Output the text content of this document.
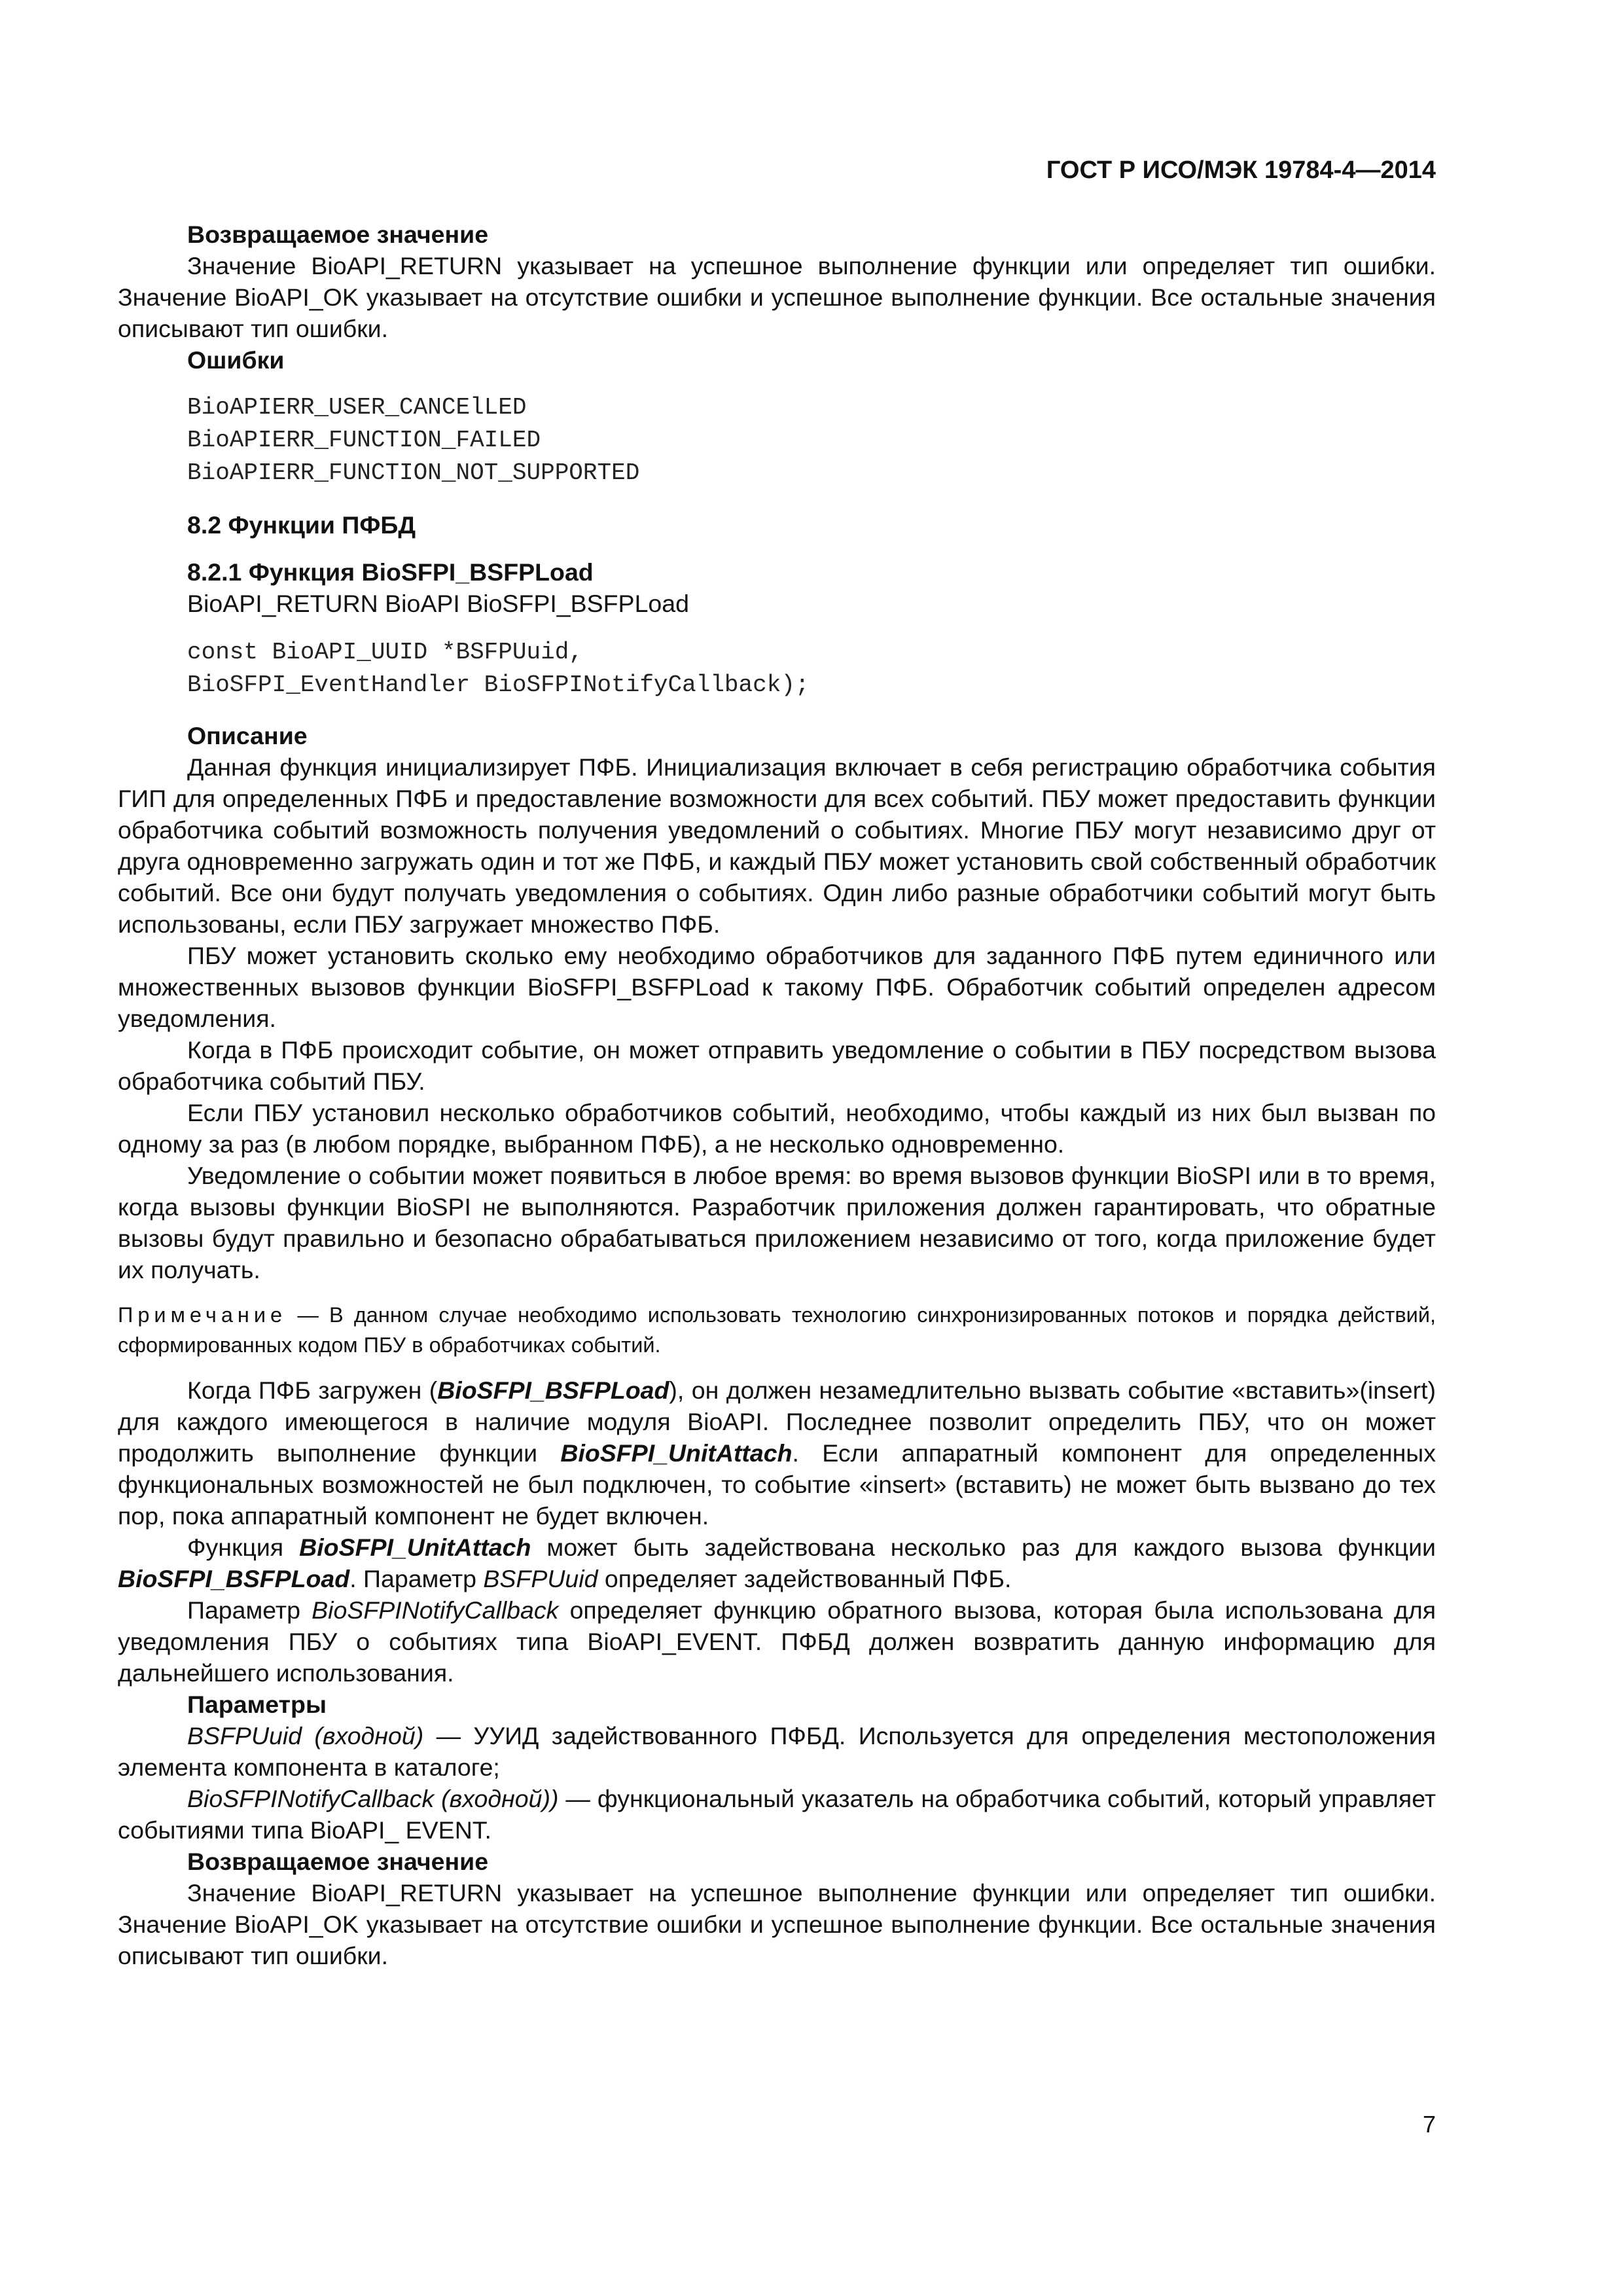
ГОСТ Р ИСО/МЭК 19784-4—2014

Возвращаемое значение

Значение BioAPI_RETURN указывает на успешное выполнение функции или определяет тип ошибки. Значение BioAPI_OK указывает на отсутствие ошибки и успешное выполнение функции. Все остальные значения описывают тип ошибки.

Ошибки

BioAPIERR_USER_CANCElLED
BioAPIERR_FUNCTION_FAILED
BioAPIERR_FUNCTION_NOT_SUPPORTED

8.2 Функции ПФБД

8.2.1 Функция BioSFPI_BSFPLoad

BioAPI_RETURN BioAPI BioSFPI_BSFPLoad

const BioAPI_UUID *BSFPUuid,
BioSFPI_EventHandler BioSFPINotifyCallback);

Описание

Данная функция инициализирует ПФБ. Инициализация включает в себя регистрацию обработчика события ГИП для определенных ПФБ и предоставление возможности для всех событий. ПБУ может предоставить функции обработчика событий возможность получения уведомлений о событиях. Многие ПБУ могут независимо друг от друга одновременно загружать один и тот же ПФБ, и каждый ПБУ может установить свой собственный обработчик событий. Все они будут получать уведомления о событиях. Один либо разные обработчики событий могут быть использованы, если ПБУ загружает множество ПФБ.

ПБУ может установить сколько ему необходимо обработчиков для заданного ПФБ путем единичного или множественных вызовов функции BioSFPI_BSFPLoad к такому ПФБ. Обработчик событий определен адресом уведомления.

Когда в ПФБ происходит событие, он может отправить уведомление о событии в ПБУ посредством вызова обработчика событий ПБУ.

Если ПБУ установил несколько обработчиков событий, необходимо, чтобы каждый из них был вызван по одному за раз (в любом порядке, выбранном ПФБ), а не несколько одновременно.

Уведомление о событии может появиться в любое время: во время вызовов функции BioSPI или в то время, когда вызовы функции BioSPI не выполняются. Разработчик приложения должен гарантировать, что обратные вызовы будут правильно и безопасно обрабатываться приложением независимо от того, когда приложение будет их получать.

Примечание — В данном случае необходимо использовать технологию синхронизированных потоков и порядка действий, сформированных кодом ПБУ в обработчиках событий.

Когда ПФБ загружен (BioSFPI_BSFPLoad), он должен незамедлительно вызвать событие «вставить»(insert) для каждого имеющегося в наличие модуля BioAPI. Последнее позволит определить ПБУ, что он может продолжить выполнение функции BioSFPI_UnitAttach. Если аппаратный компонент для определенных функциональных возможностей не был подключен, то событие «insert» (вставить) не может быть вызвано до тех пор, пока аппаратный компонент не будет включен.

Функция BioSFPI_UnitAttach может быть задействована несколько раз для каждого вызова функции BioSFPI_BSFPLoad. Параметр BSFPUuid определяет задействованный ПФБ.

Параметр BioSFPINotifyCallback определяет функцию обратного вызова, которая была использована для уведомления ПБУ о событиях типа BioAPI_EVENT. ПФБД должен возвратить данную информацию для дальнейшего использования.

Параметры

BSFPUuid (входной) — УУИД задействованного ПФБД. Используется для определения местоположения элемента компонента в каталоге;

BioSFPINotifyCallback (входной)) — функциональный указатель на обработчика событий, который управляет событиями типа BioAPI_ EVENT.

Возвращаемое значение

Значение BioAPI_RETURN указывает на успешное выполнение функции или определяет тип ошибки. Значение BioAPI_OK указывает на отсутствие ошибки и успешное выполнение функции. Все остальные значения описывают тип ошибки.

7
